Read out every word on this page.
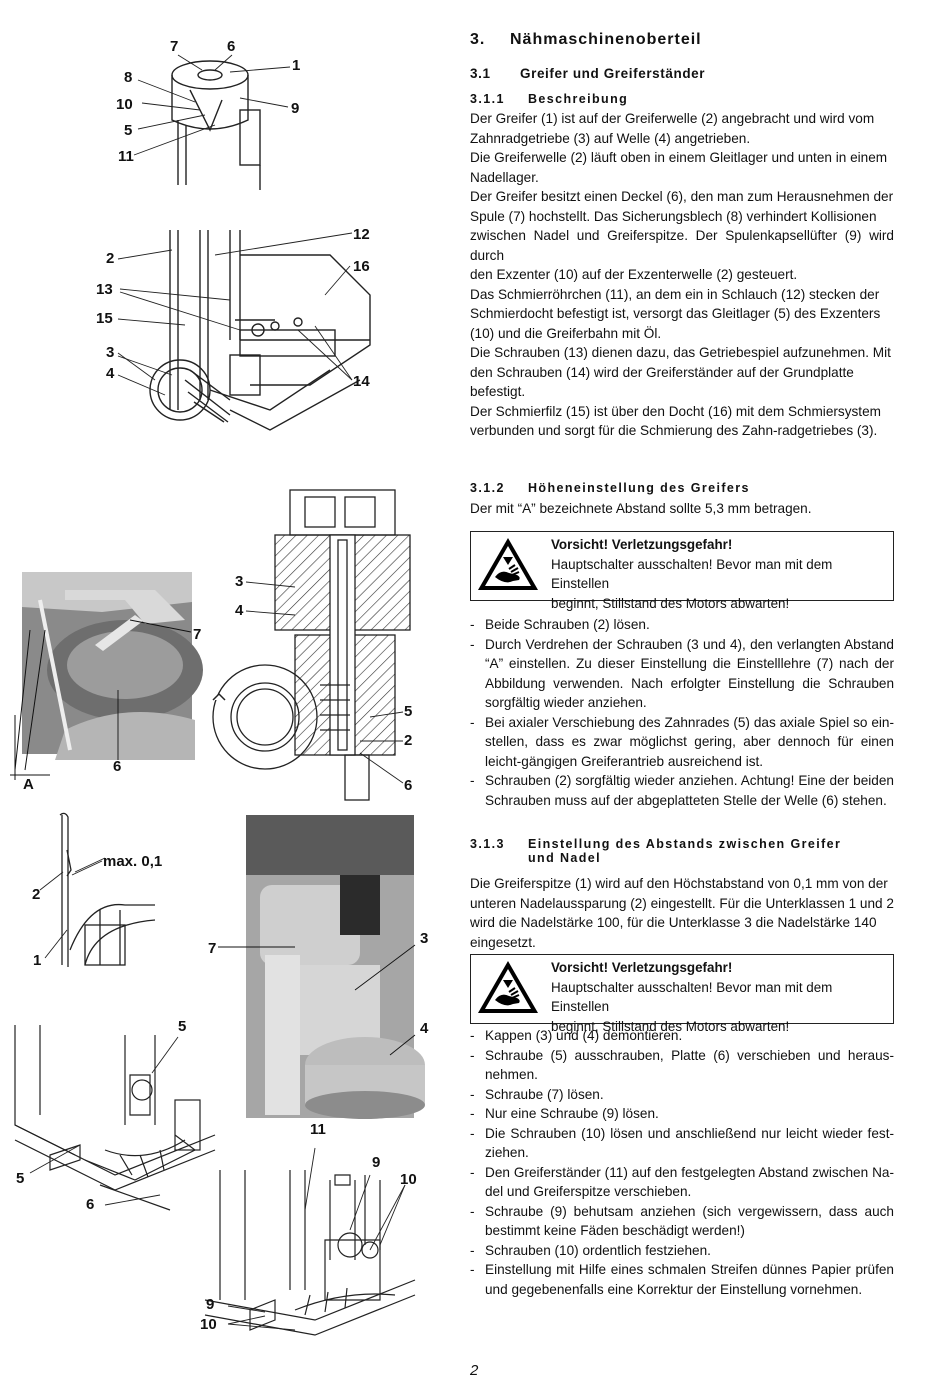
3. Nähmaschinenoberteil

3.1 Greifer und Greiferständer

3.1.1 Beschreibung

Der Greifer (1) ist auf der Greiferwelle (2) angebracht und wird vom
Zahnradgetriebe (3) auf Welle (4) angetrieben.
Die Greiferwelle (2) läuft oben in einem Gleitlager und unten in einem
Nadellager.
Der Greifer besitzt einen Deckel (6), den man zum Herausnehmen der
Spule (7) hochstellt. Das Sicherungsblech (8) verhindert Kollisionen
zwischen Nadel und Greiferspitze. Der Spulenkapsellüfter (9) wird durch
den Exzenter (10) auf der Exzenterwelle (2) gesteuert.
Das Schmierröhrchen (11), an dem ein in Schlauch (12) stecken der
Schmierdocht befestigt ist, versorgt das Gleitlager (5) des Exzenters
(10) und die Greiferbahn mit Öl.
Die Schrauben (13) dienen dazu, das Getriebespiel aufzunehmen. Mit
den Schrauben (14) wird der Greiferständer auf der Grundplatte
befestigt.
Der Schmierfilz (15) ist über den Docht (16) mit dem Schmiersystem
verbunden und sorgt für die Schmierung des Zahn-radgetriebes (3).

3.1.2 Höheneinstellung des Greifers

Der mit “A” bezeichnete Abstand sollte 5,3 mm betragen.

Vorsicht! Verletzungsgefahr!
Hauptschalter ausschalten! Bevor man mit dem Einstellen
beginnt, Stillstand des Motors abwarten!
- Beide Schrauben (2) lösen.
- Durch Verdrehen der Schrauben (3 und 4), den verlangten Abstand “A” einstellen. Zu dieser Einstellung die Einstelllehre (7) nach der Abbildung verwenden. Nach erfolgter Einstellung die Schrauben sorgfältig wieder anziehen.
- Bei axialer Verschiebung des Zahnrades (5) das axiale Spiel so ein-stellen, dass es zwar möglichst gering, aber dennoch für einen leicht-gängigen Greiferantrieb ausreichend ist.
- Schrauben (2) sorgfältig wieder anziehen. Achtung! Eine der beiden Schrauben muss auf der abgeplatteten Stelle der Welle (6) stehen.

3.1.3 Einstellung des Abstands zwischen Greifer
und Nadel

Die Greiferspitze (1) wird auf den Höchstabstand von 0,1 mm von der
unteren Nadelaussparung (2) eingestellt. Für die Unterklassen 1 und 2
wird die Nadelstärke 100, für die Unterklasse 3 die Nadelstärke 140
eingesetzt.

Vorsicht! Verletzungsgefahr!
Hauptschalter ausschalten! Bevor man mit dem Einstellen
beginnt, Stillstand des Motors abwarten!
- Kappen (3) und (4) demontieren.
- Schraube (5) ausschrauben, Platte (6) verschieben und heraus-nehmen.
- Schraube (7) lösen.
- Nur eine Schraube (9) lösen.
- Die Schrauben (10) lösen und anschließend nur leicht wieder fest-ziehen.
- Den Greiferständer (11) auf den festgelegten Abstand zwischen Na-del und Greiferspitze verschieben.
- Schraube (9) behutsam anziehen (sich vergewissern, dass auch bestimmt keine Fäden beschädigt werden!)
- Schrauben (10) ordentlich festziehen.
- Einstellung mit Hilfe eines schmalen Streifen dünnes Papier prüfen und gegebenenfalls eine Korrektur der Einstellung vornehmen.
2
7	6
1
8
10	9
5
11
12
2	16
13
15
3
4	14
3
4
7
6
A
5
2
6
max. 0,1
2
1
7
3
4
5
5
6
11
9
10
9
10
